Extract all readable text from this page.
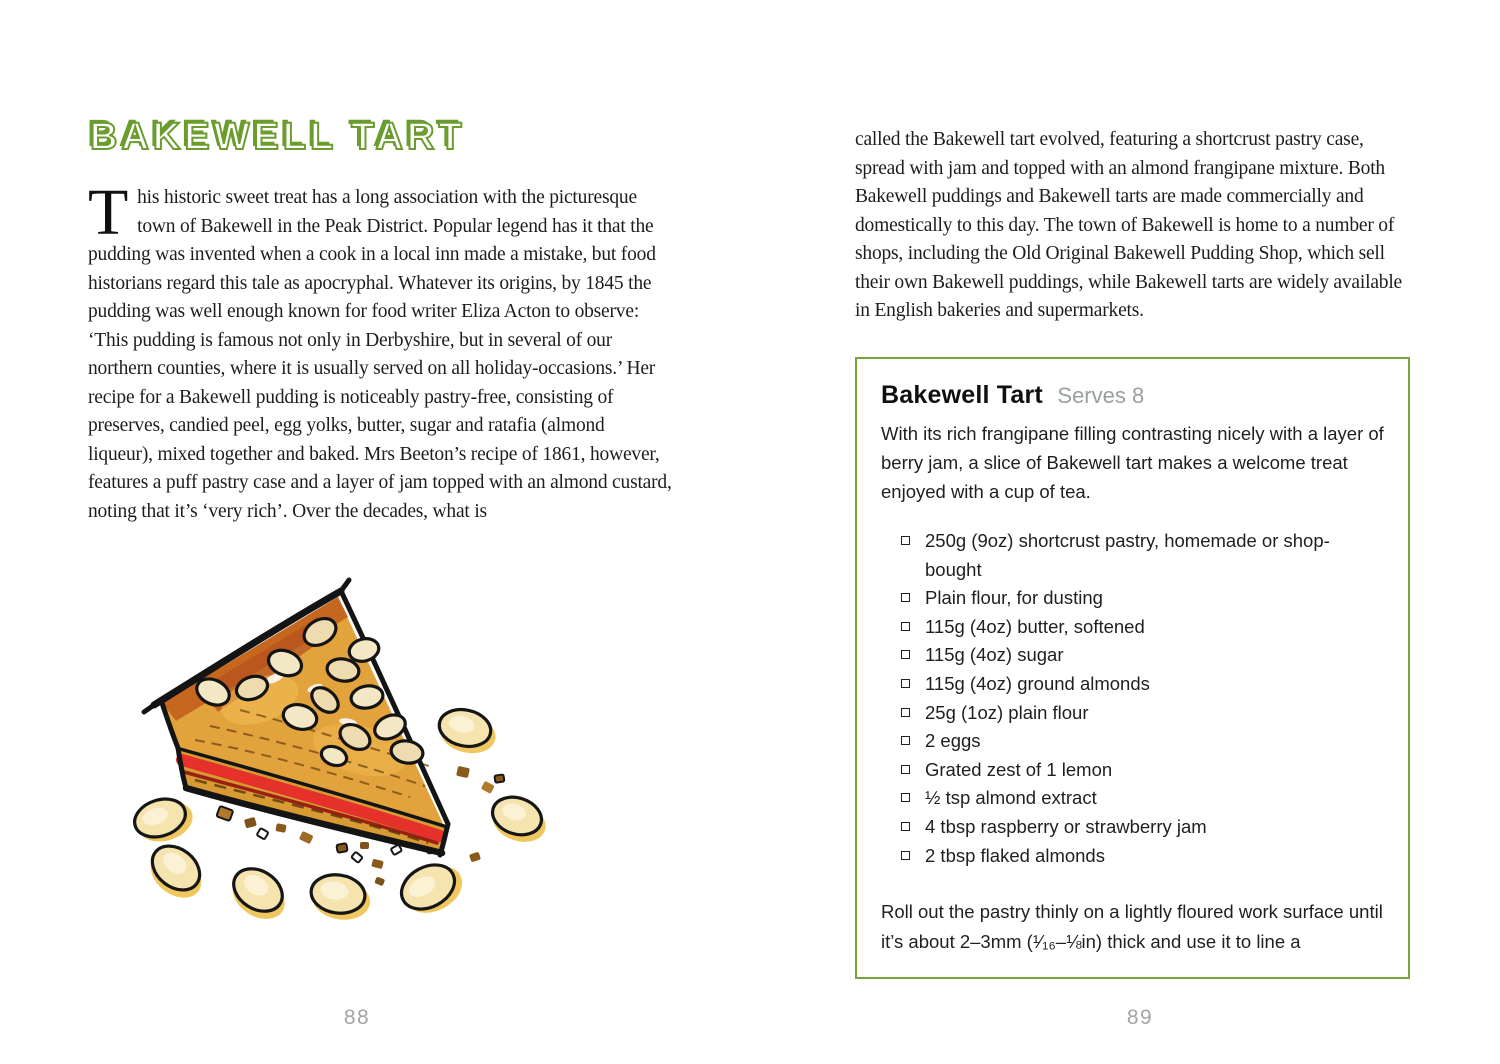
BAKEWELL TART
This historic sweet treat has a long association with the picturesque town of Bakewell in the Peak District. Popular legend has it that the pudding was invented when a cook in a local inn made a mistake, but food historians regard this tale as apocryphal. Whatever its origins, by 1845 the pudding was well enough known for food writer Eliza Acton to observe: ‘This pudding is famous not only in Derbyshire, but in several of our northern counties, where it is usually served on all holiday-occasions.’ Her recipe for a Bakewell pudding is noticeably pastry-free, consisting of preserves, candied peel, egg yolks, butter, sugar and ratafia (almond liqueur), mixed together and baked. Mrs Beeton’s recipe of 1861, however, features a puff pastry case and a layer of jam topped with an almond custard, noting that it’s ‘very rich’. Over the decades, what is
88
called the Bakewell tart evolved, featuring a shortcrust pastry case, spread with jam and topped with an almond frangipane mixture. Both Bakewell puddings and Bakewell tarts are made commercially and domestically to this day. The town of Bakewell is home to a number of shops, including the Old Original Bakewell Pudding Shop, which sell their own Bakewell puddings, while Bakewell tarts are widely available in English bakeries and supermarkets.
Bakewell Tart Serves 8
With its rich frangipane filling contrasting nicely with a layer of berry jam, a slice of Bakewell tart makes a welcome treat enjoyed with a cup of tea.
250g (9oz) shortcrust pastry, homemade or shop-bought
Plain flour, for dusting
115g (4oz) butter, softened
115g (4oz) sugar
115g (4oz) ground almonds
25g (1oz) plain flour
2 eggs
Grated zest of 1 lemon
½ tsp almond extract
4 tbsp raspberry or strawberry jam
2 tbsp flaked almonds
Roll out the pastry thinly on a lightly floured work surface until it’s about 2–3mm (¹⁄₁₆–⅛in) thick and use it to line a
89
